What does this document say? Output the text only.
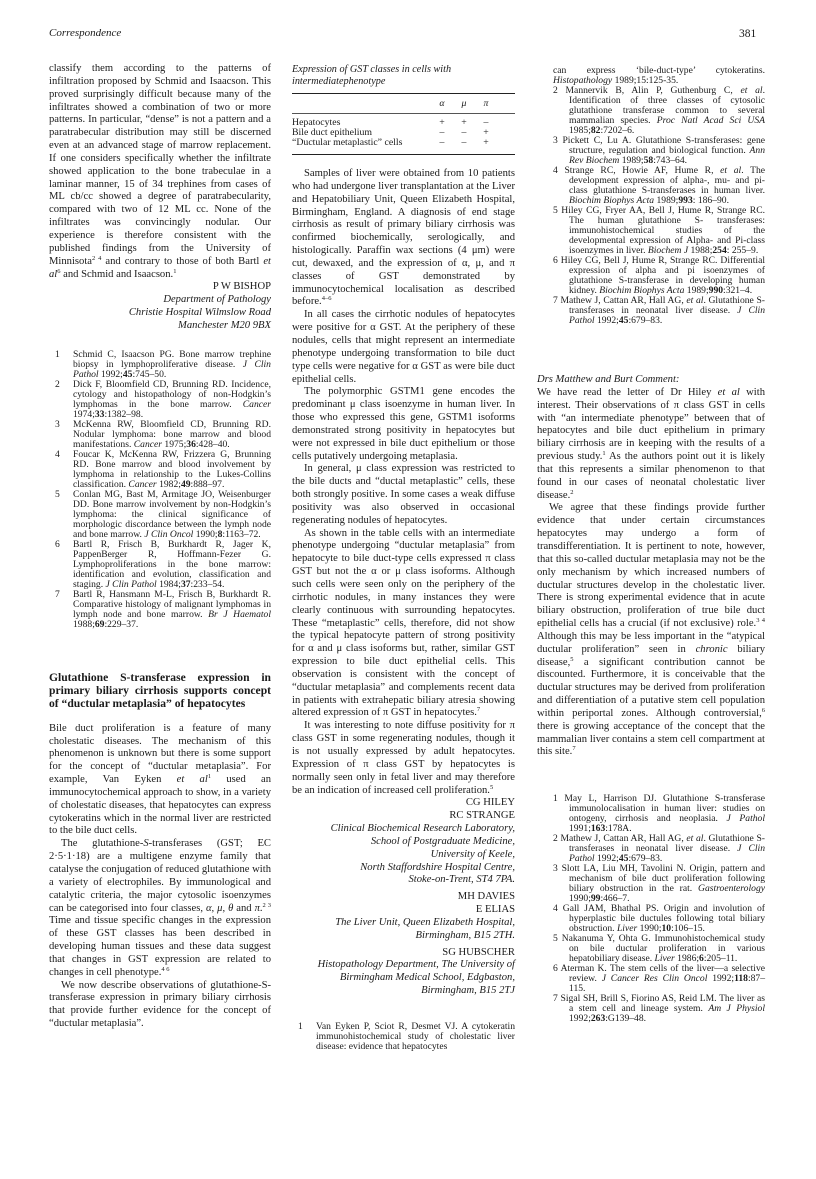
Correspondence	381

classify them according to the patterns of infiltration proposed by Schmid and Isaacson. This proved surprisingly difficult because many of the infiltrates showed a combination of two or more patterns. In particular, “dense” is not a pattern and a paratrabecular distribution may still be discerned even at an advanced stage of marrow replacement. If one considers specifically whether the infiltrate showed application to the bone trabeculae in a laminar manner, 15 of 34 trephines from cases of ML cb/cc showed a degree of paratrabecularity, compared with two of 12 ML cc. None of the infiltrates was convincingly nodular. Our experience is therefore consistent with the published findings from the University of Minnisota$^{2 4}$ and contrary to those of both Bartl et $al^6$ and Schmid and Isaacson.$^1$

P W BISHOP
Department of Pathology
Christie Hospital Wilmslow Road
Manchester M20 9BX
1 Schmid C, Isaacson PG. Bone marrow trephine biopsy in lymphoproliferative disease. J Clin Pathol 1992;45:745–50.
2 Dick F, Bloomfield CD, Brunning RD. Incidence, cytology and histopathology of non-Hodgkin’s lymphomas in the bone marrow. Cancer 1974;33:1382–98.
3 McKenna RW, Bloomfield CD, Brunning RD. Nodular lymphoma: bone marrow and blood manifestations. Cancer 1975;36:428–40.
4 Foucar K, McKenna RW, Frizzera G, Brunning RD. Bone marrow and blood involvement by lymphoma in relationship to the Lukes-Collins classification. Cancer 1982;49:888–97.
5 Conlan MG, Bast M, Armitage JO, Weisenburger DD. Bone marrow involvement by non-Hodgkin’s lymphoma: the clinical significance of morphologic discordance between the lymph node and bone marrow. J Clin Oncol 1990;8:1163–72.
6 Bartl R, Frisch B, Burkhardt R, Jager K, PappenBerger R, Hoffmann-Fezer G. Lymphoproliferations in the bone marrow: identification and evolution, classification and staging. J Clin Pathol 1984;37:233–54.
7 Bartl R, Hansmann M-L, Frisch B, Burkhardt R. Comparative histology of malignant lymphomas in lymph node and bone marrow. Br J Haematol 1988;69:229–37.
Glutathione S-transferase expression in primary biliary cirrhosis supports concept of “ductular metaplasia” of hepatocytes

Bile duct proliferation is a feature of many cholestatic diseases. The mechanism of this phenomenon is unknown but there is some support for the concept of “ductular metaplasia”. For example, Van Eyken et $al^1$ used an immunocytochemical approach to show, in a variety of cholestatic diseases, that hepatocytes can express cytokeratins which in the normal liver are restricted to the bile duct cells.

The glutathione-S-transferases (GST; EC 2·5·1·18) are a multigene enzyme family that catalyse the conjugation of reduced glutathione with a variety of electrophiles. By immunological and catalytic criteria, the major cytosolic isoenzymes can be categorised into four classes, α, μ, θ and π.$^{2 3}$ Time and tissue specific changes in the expression of these GST classes has been described in developing human tissues and these data suggest that changes in GST expression are related to changes in cell phenotype.$^{4 6}$

We now describe observations of glutathione-S-transferase expression in primary biliary cirrhosis that provide further evidence for the concept of “ductular metaplasia”.

Expression of GST classes in cells with intermediatephenotype
	α	μ	π	
Hepatocytes	+	+	–	
Bile duct epithelium	–	–	+	
“Ductular metaplastic” cells	–	–	+	

Samples of liver were obtained from 10 patients who had undergone liver transplantation at the Liver and Hepatobiliary Unit, Queen Elizabeth Hospital, Birmingham, England. A diagnosis of end stage cirrhosis as result of primary biliary cirrhosis was confirmed biochemically, serologically, and histologically. Paraffin wax sections (4 μm) were cut, dewaxed, and the expression of α, μ, and π classes of GST demonstrated by immunocytochemical localisation as described before.$^{4-6}$

In all cases the cirrhotic nodules of hepatocytes were positive for α GST. At the periphery of these nodules, cells that might represent an intermediate phenotype undergoing transformation to bile duct type cells were negative for α GST as were bile duct epithelial cells.

The polymorphic GSTM1 gene encodes the predominant μ class isoenzyme in human liver. In those who expressed this gene, GSTM1 isoforms demonstrated strong positivity in hepatocytes but were not expressed in bile duct epithelium or those cells putatively undergoing metaplasia.

In general, μ class expression was restricted to the bile ducts and “ductal metaplastic” cells, these both strongly positive. In some cases a weak diffuse positivity was also observed in occasional regenerating nodules of hepatocytes.

As shown in the table cells with an intermediate phenotype undergoing “ductular metaplasia” from hepatocyte to bile duct-type cells expressed π class GST but not the α or μ class isoforms. Although such cells were seen only on the periphery of the cirrhotic nodules, in many instances they were clearly continuous with surrounding hepatocytes. These “metaplastic” cells, therefore, did not show the typical hepatocyte pattern of strong positivity for α and μ class isoforms but, rather, similar GST expression to bile duct epithelial cells. This observation is consistent with the concept of “ductular metaplasia” and complements recent data in patients with extrahepatic biliary atresia showing altered expression of π GST in hepatocytes.$^7$

It was interesting to note diffuse positivity for π class GST in some regenerating nodules, though it is not usually expressed by adult hepatocytes. Expression of π class GST by hepatocytes is normally seen only in fetal liver and may therefore be an indication of increased cell proliferation.$^5$

CG HILEY
RC STRANGE
Clinical Biochemical Research Laboratory,
School of Postgraduate Medicine,
University of Keele,
North Staffordshire Hospital Centre,
Stoke-on-Trent, ST4 7PA.
MH DAVIES
E ELIAS
The Liver Unit, Queen Elizabeth Hospital,
Birmingham, B15 2TH.
SG HUBSCHER
Histopathology Department, The University of
Birmingham Medical School, Edgbaston,
Birmingham, B15 2TJ
1 Van Eyken P, Sciot R, Desmet VJ. A cytokeratin immunohistochemical study of cholestatic liver disease: evidence that hepatocytes
can express ‘bile-duct-type’ cytokeratins. Histopathology 1989;15:125-35.
2 Mannervik B, Alin P, Guthenburg C, et al. Identification of three classes of cytosolic glutathione transferase common to several mammalian species. Proc Natl Acad Sci USA 1985;82:7202–6.
3 Pickett C, Lu A. Glutathione S-transferases: gene structure, regulation and biological function. Ann Rev Biochem 1989;58:743–64.
4 Strange RC, Howie AF, Hume R, et al. The development expression of alpha-, mu- and pi-class glutathione S-transferases in human liver. Biochim Biophys Acta 1989;993: 186–90.
5 Hiley CG, Fryer AA, Bell J, Hume R, Strange RC. The human glutathione S- transferases: immunohistochemical studies of the developmental expression of Alpha- and Pi-class isoenzymes in liver. Biochem J 1988;254: 255–9.
6 Hiley CG, Bell J, Hume R, Strange RC. Differential expression of alpha and pi isoenzymes of glutathione S-transferase in developing human kidney. Biochim Biophys Acta 1989;990:321–4.
7 Mathew J, Cattan AR, Hall AG, et al. Glutathione S-transferases in neonatal liver disease. J Clin Pathol 1992;45:679–83.
Drs Matthew and Burt Comment:

We have read the letter of Dr Hiley et al with interest. Their observations of π class GST in cells with “an intermediate phenotype” between that of hepatocytes and bile duct epithelium in primary biliary cirrhosis are in keeping with the results of a previous study.$^1$ As the authors point out it is likely that this represents a similar phenomenon to that found in our cases of neonatal cholestatic liver disease.$^2$

We agree that these findings provide further evidence that under certain circumstances hepatocytes may undergo a form of transdifferentiation. It is pertinent to note, however, that this so-called ductular metaplasia may not be the only mechanism by which increased numbers of ductular structures develop in the cholestatic liver. There is strong experimental evidence that in acute biliary obstruction, proliferation of true bile duct epithelial cells has a crucial (if not exclusive) role.$^{3 4}$ Although this may be less important in the “atypical ductular proliferation” seen in chronic biliary disease,$^5$ a significant contribution cannot be discounted. Furthermore, it is conceivable that the ductular structures may be derived from proliferation and differentiation of a putative stem cell population within periportal zones. Although controversial,$^6$ there is growing acceptance of the concept that the mammalian liver contains a stem cell compartment at this site.$^7$

1 May L, Harrison DJ. Glutathione S-transferase immunolocalisation in human liver: studies on ontogeny, cirrhosis and neoplasia. J Pathol 1991;163:178A.
2 Mathew J, Cattan AR, Hall AG, et al. Glutathione S-transferases in neonatal liver disease. J Clin Pathol 1992;45:679–83.
3 Slott LA, Liu MH, Tavolini N. Origin, pattern and mechanism of bile duct proliferation following biliary obstruction in the rat. Gastroenterology 1990;99:466–7.
4 Gall JAM, Bhathal PS. Origin and involution of hyperplastic bile ductules following total biliary obstruction. Liver 1990;10:106–15.
5 Nakanuma Y, Ohta G. Immunohistochemical study on bile ductular proliferation in various hepatobiliary disease. Liver 1986;6:205–11.
6 Aterman K. The stem cells of the liver—a selective review. J Cancer Res Clin Oncol 1992;118:87–115.
7 Sigal SH, Brill S, Fiorino AS, Reid LM. The liver as a stem cell and lineage system. Am J Physiol 1992;263:G139–48.
